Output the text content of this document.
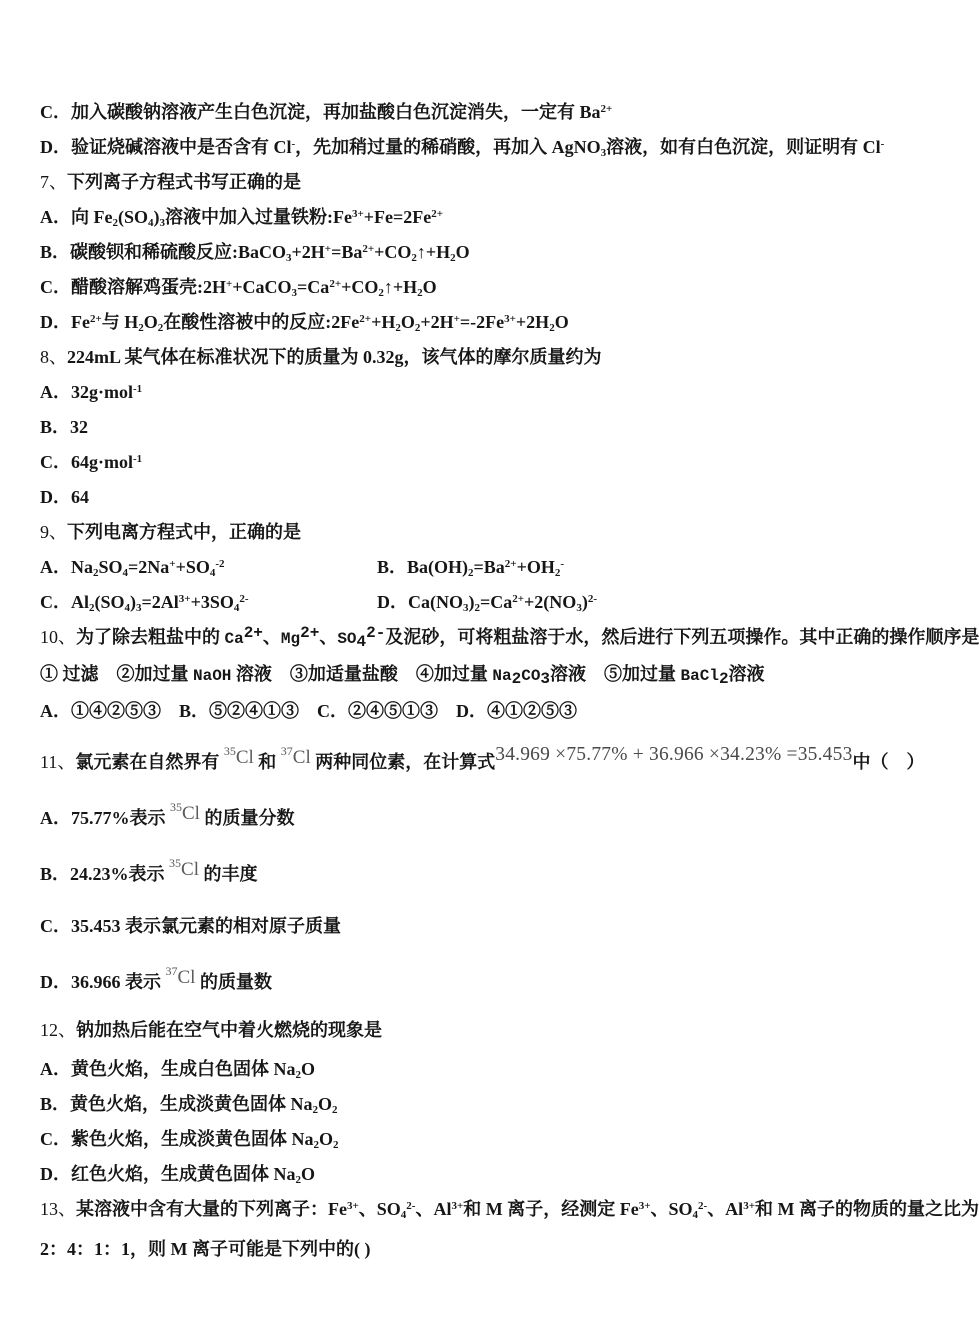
C．加入碳酸钠溶液产生白色沉淀，再加盐酸白色沉淀消失，一定有 $Ba^{2+}$
D．验证烧碱溶液中是否含有 Cl-，先加稍过量的稀硝酸，再加入 AgNO$_3$溶液，如有白色沉淀，则证明有 Cl-
7、下列离子方程式书写正确的是
A．向 $Fe_2(SO_4)_3$溶液中加入过量铁粉$:Fe^{3+}+Fe=2Fe^{2+}$
B．碳酸钡和稀硫酸反应$:BaCO_3+2H^+=Ba^{2+}+CO_2↑+H_2O$
C．醋酸溶解鸡蛋壳$:2H^++CaCO_3=Ca^{2+}+CO_2↑+H_2O$
D．$Fe^{2+}$与 $H_2O_2$在酸性溶被中的反应$:2Fe^{2+}+H_2O_2+2H^+=-2Fe^{3+}+2H_2O$
8、224mL 某气体在标准状况下的质量为 0.32g，该气体的摩尔质量约为
A．32g·mol$^{-1}$
B．32
C．64g·mol$^{-1}$
D．64
9、下列电离方程式中，正确的是
A．$Na_2SO_4=2Na^++SO_4^{-2}$	B．$Ba(OH)_2=Ba^{2+}+OH_2^-$
C．$Al_2(SO_4)_3=2Al^{3+}+3SO_4^{2-}$	D．$Ca(NO_3)_2=Ca^{2+}+2(NO_3)^{2-}$
10、为了除去粗盐中的 $Ca^{2+}$、$Mg^{2+}$、$SO_4^{2-}$及泥砂，可将粗盐溶于水，然后进行下列五项操作。其中正确的操作顺序是
① 过滤　②加过量 NaOH 溶液　③加适量盐酸　④加过量 $Na_2CO_3$溶液　⑤加过量 BaCl$_2$溶液
A．①④②⑤③　B．⑤②④①③　C．②④⑤①③　D．④①②⑤③
11、氯元素在自然界有 $^{35}$Cl 和 $^{37}$Cl 两种同位素，在计算式34.969 ×75.77% + 36.966 ×34.23% =35.453中（　）
A．75.77%表示 $^{35}$Cl 的质量分数
B．24.23%表示 $^{35}$Cl 的丰度
C．35.453 表示氯元素的相对原子质量
D．36.966 表示 $^{37}$Cl 的质量数
12、钠加热后能在空气中着火燃烧的现象是
A．黄色火焰，生成白色固体 $Na_2O$
B．黄色火焰，生成淡黄色固体 $Na_2O_2$
C．紫色火焰，生成淡黄色固体 $Na_2O_2$
D．红色火焰，生成黄色固体 $Na_2O$
13、某溶液中含有大量的下列离子：$Fe^{3+}$、$SO_4^{2-}$、$Al^{3+}$和 M 离子，经测定 $Fe^{3+}$、$SO_4^{2-}$、$Al^{3+}$和 M 离子的物质的量之比为
2：4：1：1，则 M 离子可能是下列中的( )
